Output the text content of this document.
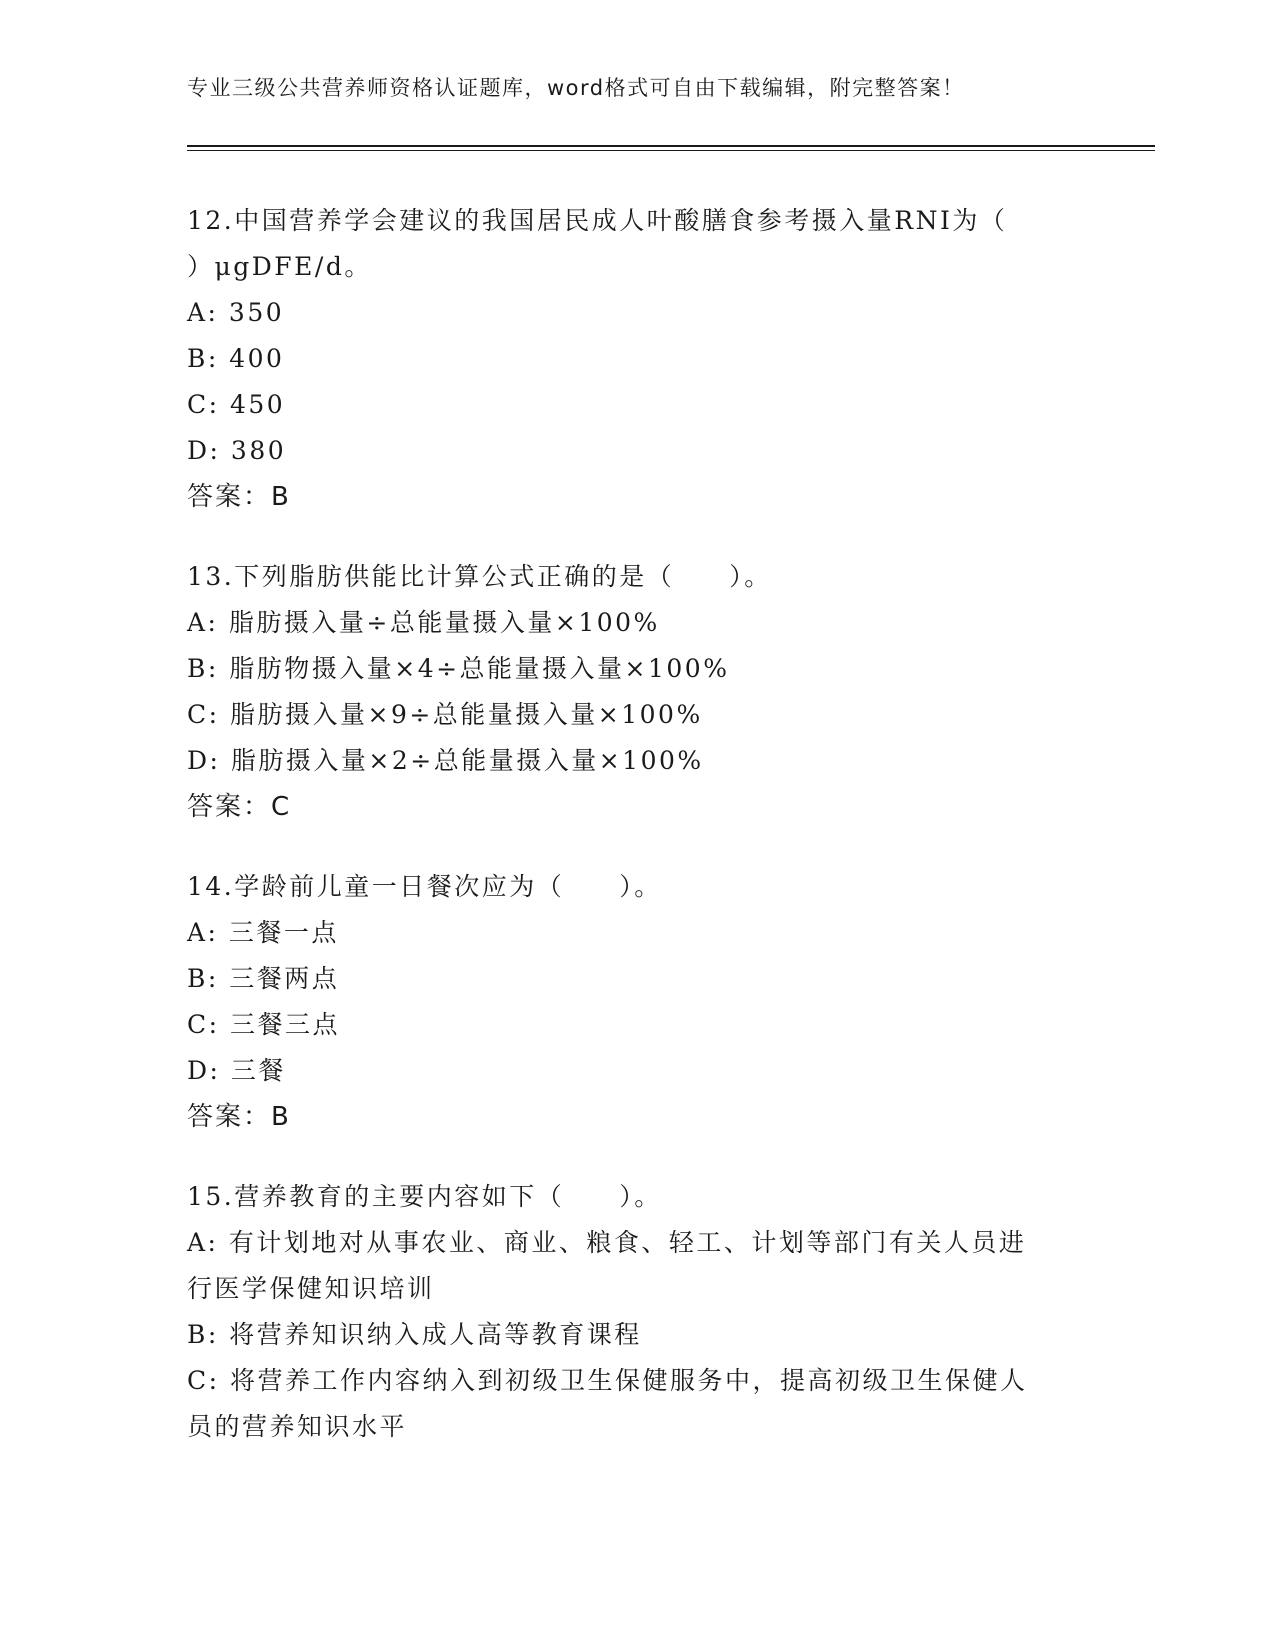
专业三级公共营养师资格认证题库，word格式可自由下载编辑，附完整答案！
12.中国营养学会建议的我国居民成人叶酸膳食参考摄入量RNI为（
）μgDFE/d。
A: 350
B: 400
C: 450
D: 380
答案：B
13.下列脂肪供能比计算公式正确的是（　　）。
A: 脂肪摄入量÷总能量摄入量×100%
B: 脂肪物摄入量×4÷总能量摄入量×100%
C: 脂肪摄入量×9÷总能量摄入量×100%
D: 脂肪摄入量×2÷总能量摄入量×100%
答案：C
14.学龄前儿童一日餐次应为（　　）。
A: 三餐一点
B: 三餐两点
C: 三餐三点
D: 三餐
答案：B
15.营养教育的主要内容如下（　　）。
A: 有计划地对从事农业、商业、粮食、轻工、计划等部门有关人员进
行医学保健知识培训
B: 将营养知识纳入成人高等教育课程
C: 将营养工作内容纳入到初级卫生保健服务中，提高初级卫生保健人
员的营养知识水平
